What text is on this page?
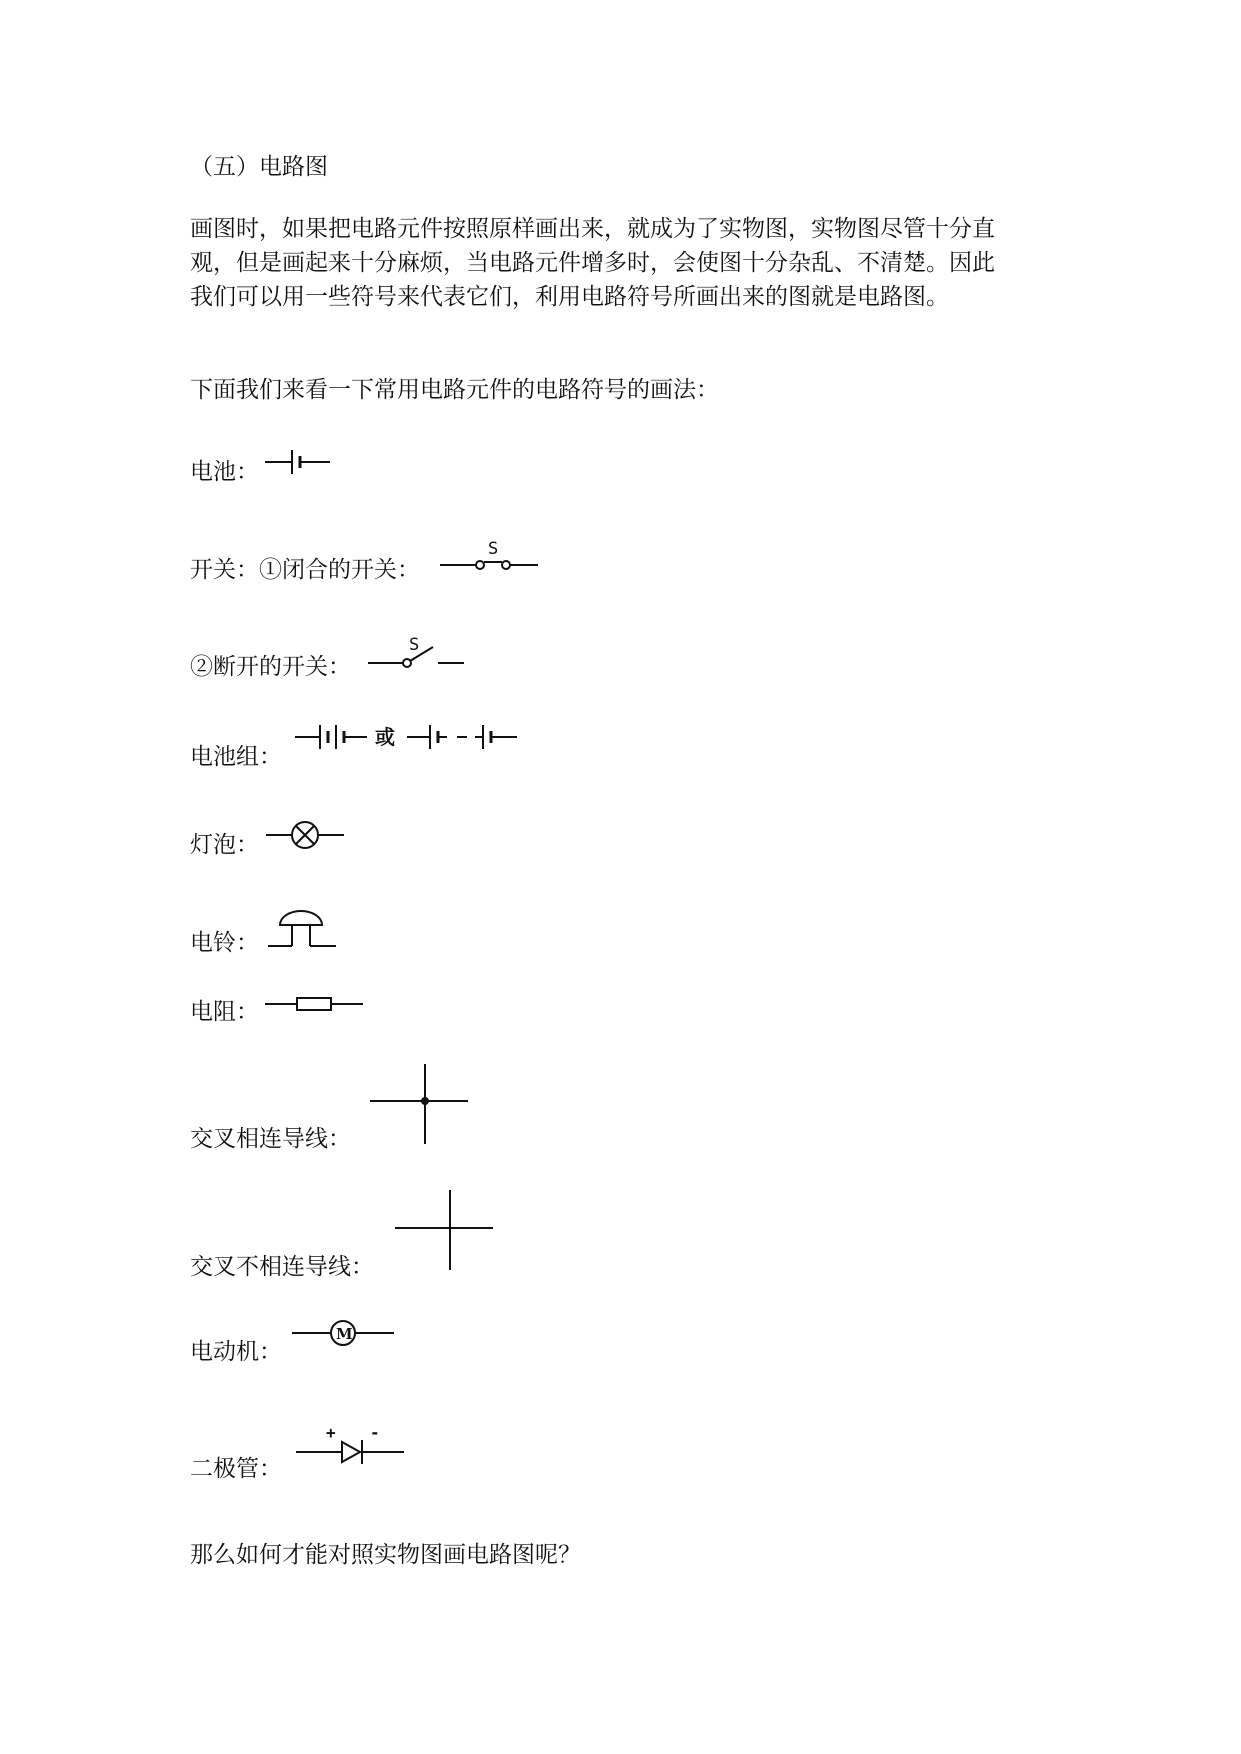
（五）电路图
画图时，如果把电路元件按照原样画出来，就成为了实物图，实物图尽管十分直
观，但是画起来十分麻烦，当电路元件增多时，会使图十分杂乱、不清楚。因此
我们可以用一些符号来代表它们，利用电路符号所画出来的图就是电路图。
下面我们来看一下常用电路元件的电路符号的画法：
电池：
开关：①闭合的开关：
S
②断开的开关：
S
电池组：
或
灯泡：
电铃：
电阻：
交叉相连导线：
交叉不相连导线：
电动机：
M
二极管：
+ -
那么如何才能对照实物图画电路图呢？
